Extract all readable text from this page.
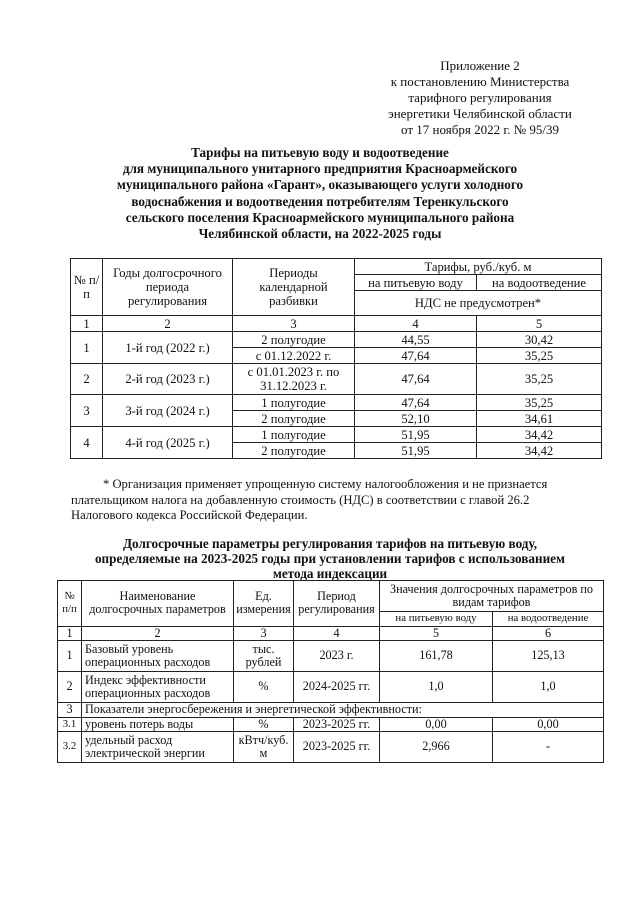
Приложение 2
к постановлению Министерства
тарифного регулирования
энергетики Челябинской области
от 17 ноября 2022 г. № 95/39
Тарифы на питьевую воду и водоотведение
для муниципального унитарного предприятия Красноармейского
муниципального района «Гарант», оказывающего услуги холодного
водоснабжения и водоотведения потребителям Теренкульского
сельского поселения Красноармейского муниципального района
Челябинской области, на 2022-2025 годы
№ п/п	Годы долгосрочного периода регулирования	Периоды календарной разбивки	Тарифы, руб./куб. м	
			на питьевую воду	на водоотведение
			НДС не предусмотрен*	
1	2	3	4	5
1	1-й год (2022 г.)	2 полугодие	44,55	30,42
		с 01.12.2022 г.	47,64	35,25
2	2-й год (2023 г.)	с 01.01.2023 г. по 31.12.2023 г.	47,64	35,25
3	3-й год (2024 г.)	1 полугодие	47,64	35,25
		2 полугодие	52,10	34,61
4	4-й год (2025 г.)	1 полугодие	51,95	34,42
		2 полугодие	51,95	34,42
* Организация применяет упрощенную систему налогообложения и не признается
плательщиком налога на добавленную стоимость (НДС) в соответствии с главой 26.2
Налогового кодекса Российской Федерации.
Долгосрочные параметры регулирования тарифов на питьевую воду,
определяемые на 2023-2025 годы при установлении тарифов с использованием
метода индексации
№ п/п	Наименование долгосрочных параметров	Ед. измерения	Период регулирования	Значения долгосрочных параметров по видам тарифов	
				на питьевую воду	на водоотведение
1	2	3	4	5	6
1	Базовый уровень операционных расходов	тыс. рублей	2023 г.	161,78	125,13
2	Индекс эффективности операционных расходов	%	2024-2025 гг.	1,0	1,0
3	Показатели энергосбережения и энергетической эффективности:				
3.1	уровень потерь воды	%	2023-2025 гг.	0,00	0,00
3.2	удельный расход электрической энергии	кВтч/куб. м	2023-2025 гг.	2,966	-
